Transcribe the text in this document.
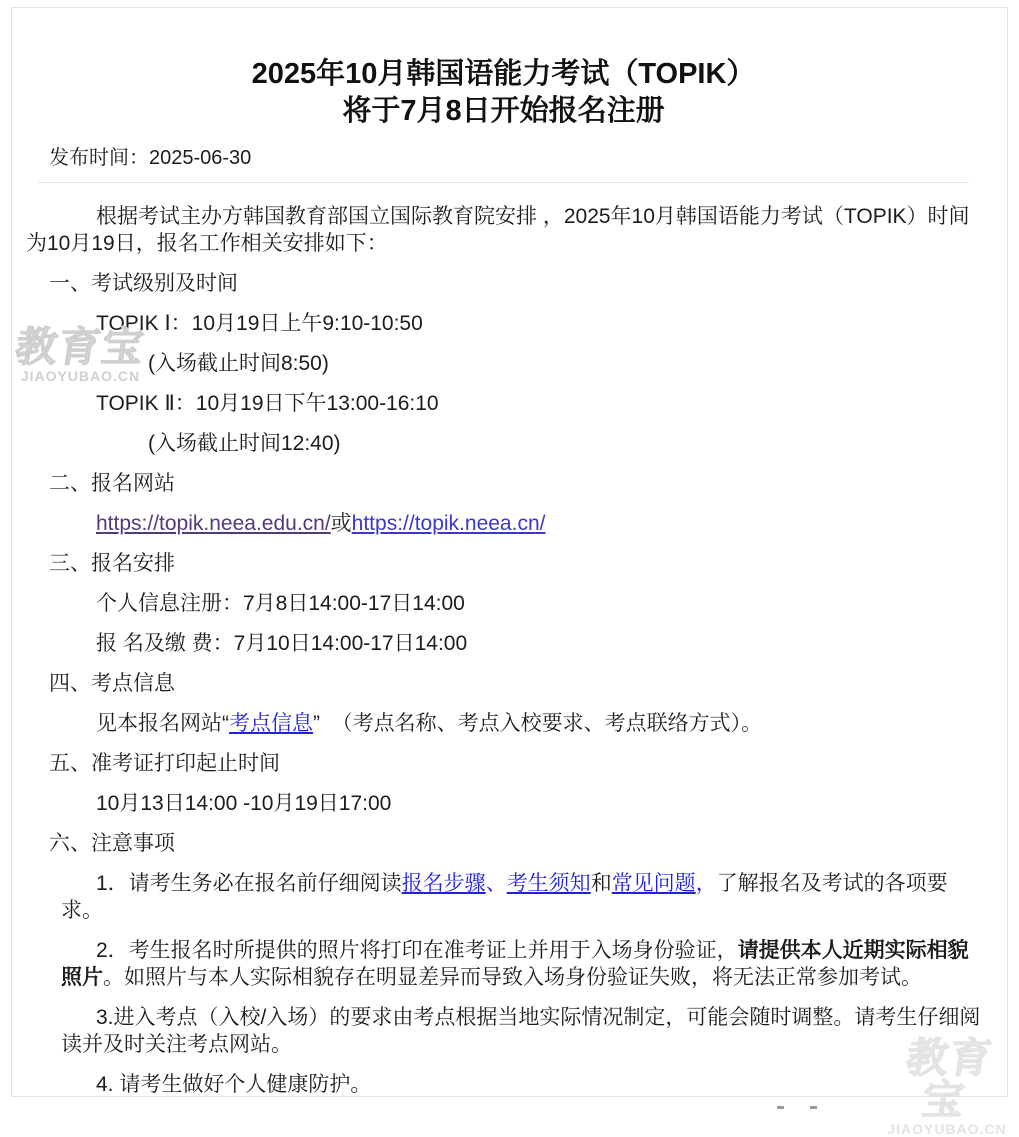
2025年10月韩国语能力考试（TOPIK）
将于7月8日开始报名注册
发布时间：2025-06-30

根据考试主办方韩国教育部国立国际教育院安排 ，2025年10月韩国语能力考试（TOPIK）时间为10月19日，报名工作相关安排如下：

一、考试级别及时间

TOPIK Ⅰ：10月19日上午9:10-10:50

(入场截止时间8:50)

TOPIK Ⅱ：10月19日下午13:00-16:10

(入场截止时间12:40)

二、报名网站

https://topik.neea.edu.cn/或https://topik.neea.cn/

三、报名安排

个人信息注册：7月8日14:00-17日14:00

报 名及缴 费：7月10日14:00-17日14:00

四、考点信息

见本报名网站“考点信息”  （考点名称、考点入校要求、考点联络方式）。

五、准考证打印起止时间

10月13日14:00 -10月19日17:00

六、注意事项

1．请考生务必在报名前仔细阅读报名步骤、考生须知和常见问题，了解报名及考试的各项要求。

2．考生报名时所提供的照片将打印在准考证上并用于入场身份验证，请提供本人近期实际相貌照片。如照片与本人实际相貌存在明显差异而导致入场身份验证失败，将无法正常参加考试。

3.进入考点（入校/入场）的要求由考点根据当地实际情况制定，可能会随时调整。请考生仔细阅读并及时关注考点网站。

4. 请考生做好个人健康防护。

教育宝
JIAOYUBAO.CN
教育宝
JIAOYUBAO.CN
